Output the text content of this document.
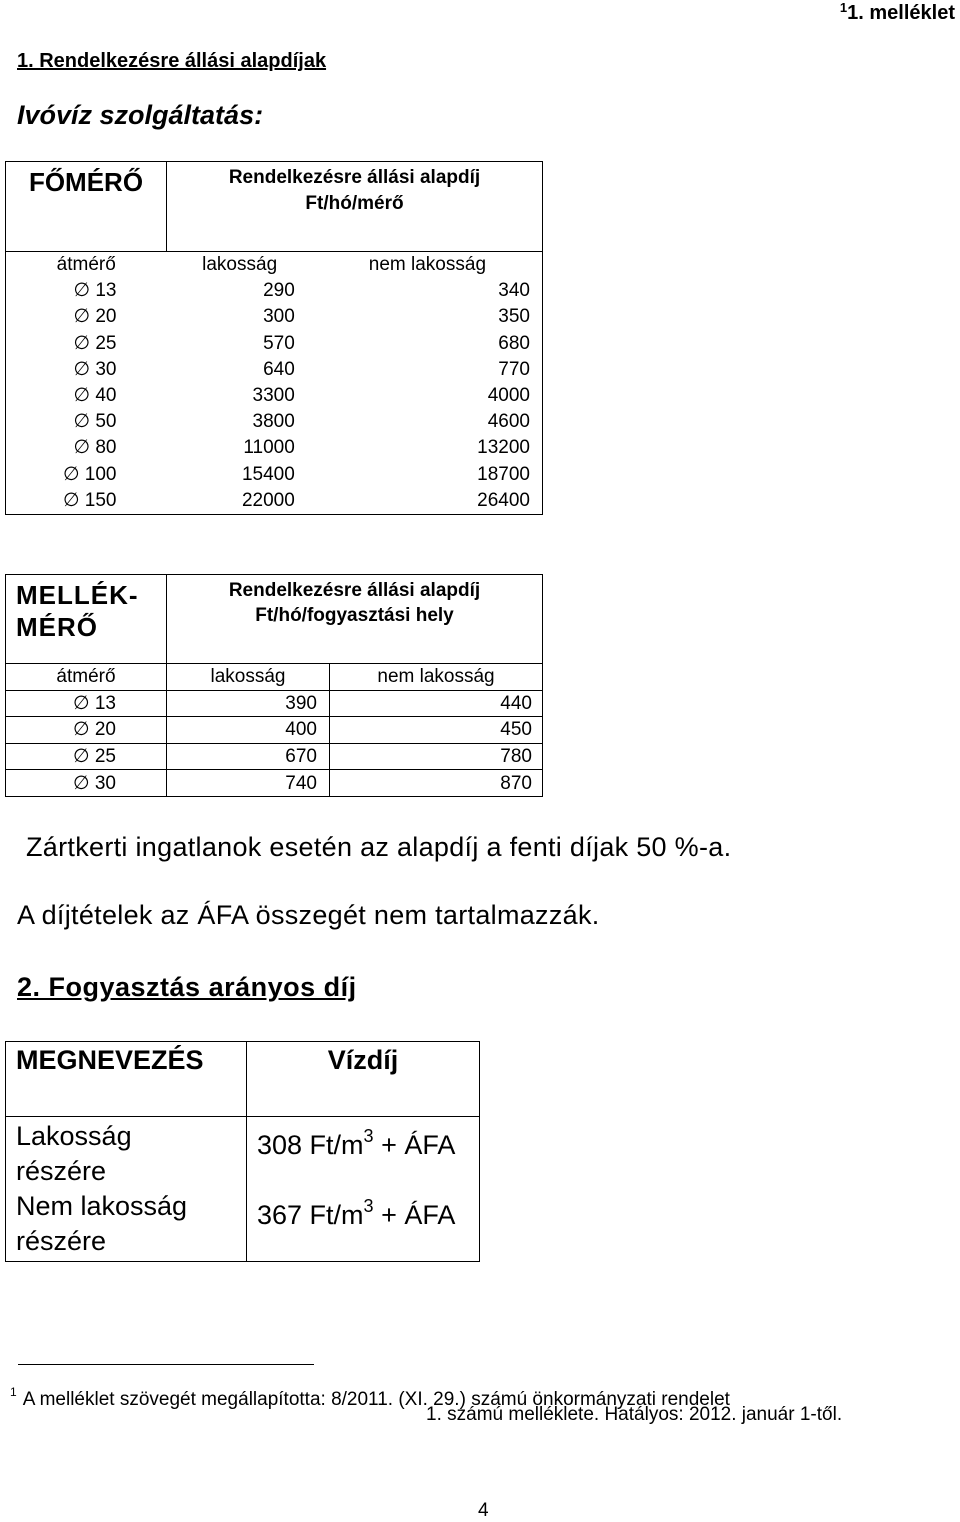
$^1$1. melléklet
1. Rendelkezésre állási alapdíjak
Ivóvíz szolgáltatás:
FŐMÉRŐ	Rendelkezésre állási alapdíj Ft/hó/mérő	

átmérő	lakosság	nem lakosság
∅ 13	290	340
∅ 20	300	350
∅ 25	570	680
∅ 30	640	770
∅ 40	3300	4000
∅ 50	3800	4600
∅ 80	11000	13200
∅ 100	15400	18700
∅ 150	22000	26400
MELLÉK-MÉRŐ	Rendelkezésre állási alapdíj Ft/hó/fogyasztási hely	

átmérő	lakosság	nem lakosság
∅ 13	390	440
∅ 20	400	450
∅ 25	670	780
∅ 30	740	870
Zártkerti ingatlanok esetén az alapdíj a fenti díjak 50 %-a.
A díjtételek az ÁFA összegét nem tartalmazzák.
2. Fogyasztás arányos díj
MEGNEVEZÉS	Vízdíj

Lakosság részére	308 $Ft/m^3$ + ÁFA

Nem lakosság részére	367 $Ft/m^3$ + ÁFA
$^1$ A melléklet szövegét megállapította: 8/2011. (XI. 29.) számú önkormányzati rendelet
1. számú melléklete. Hatályos: 2012. január 1-től.
4
